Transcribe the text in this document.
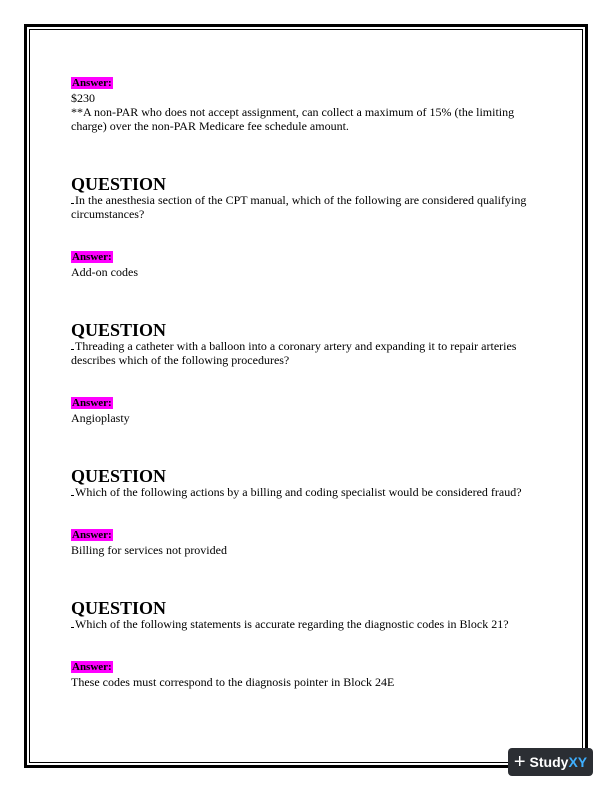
Answer:
$230
**A non-PAR who does not accept assignment, can collect a maximum of 15% (the limiting charge) over the non-PAR Medicare fee schedule amount.
QUESTION
In the anesthesia section of the CPT manual, which of the following are considered qualifying circumstances?
Answer:
Add-on codes
QUESTION
Threading a catheter with a balloon into a coronary artery and expanding it to repair arteries describes which of the following procedures?
Answer:
Angioplasty
QUESTION
Which of the following actions by a billing and coding specialist would be considered fraud?
Answer:
Billing for services not provided
QUESTION
Which of the following statements is accurate regarding the diagnostic codes in Block 21?
Answer:
These codes must correspond to the diagnosis pointer in Block 24E
+ Study XY
